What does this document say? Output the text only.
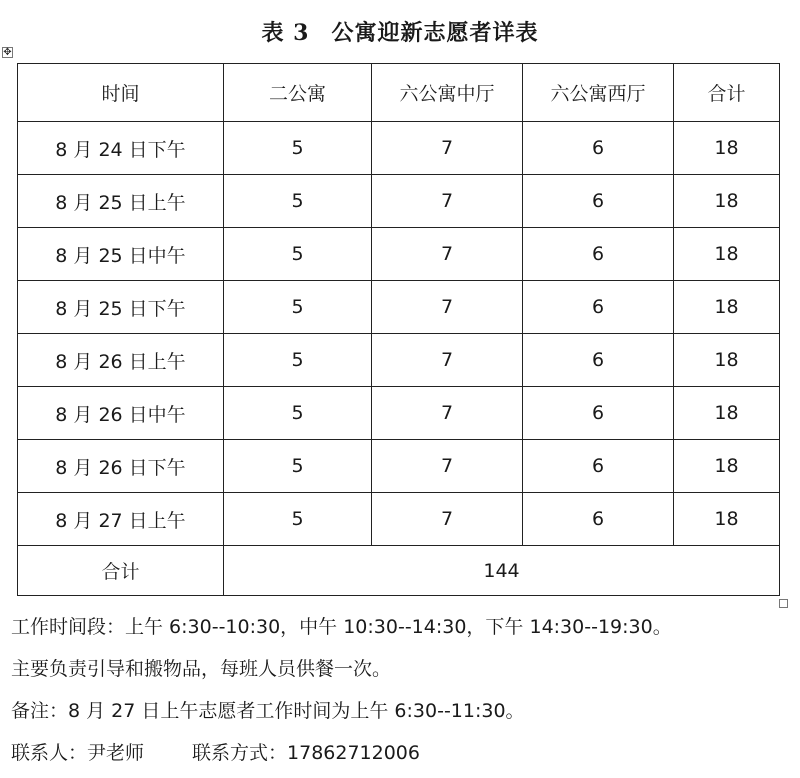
表 3 公寓迎新志愿者详表
✥
时间	二公寓	六公寓中厅	六公寓西厅	合计
8 月 24 日下午	5	7	6	18
8 月 25 日上午	5	7	6	18
8 月 25 日中午	5	7	6	18
8 月 25 日下午	5	7	6	18
8 月 26 日上午	5	7	6	18
8 月 26 日中午	5	7	6	18
8 月 26 日下午	5	7	6	18
8 月 27 日上午	5	7	6	18
合计	144			
工作时间段：上午 6:30--10:30，中午 10:30--14:30，下午 14:30--19:30。
主要负责引导和搬物品，每班人员供餐一次。
备注：8 月 27 日上午志愿者工作时间为上午 6:30--11:30。
联系人：尹老师	联系方式：17862712006
